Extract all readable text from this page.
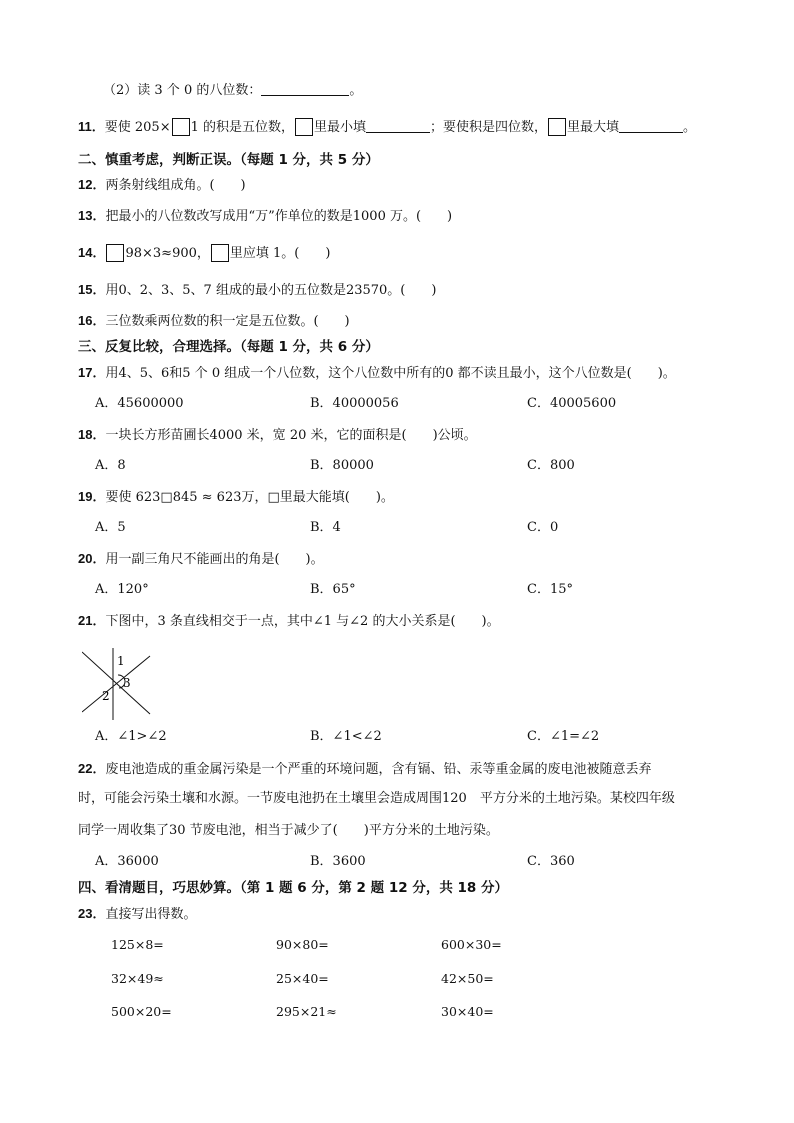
（2）读 3 个 0 的八位数：	。
11．要使 205× 1 的积是五位数， 里最小填	；要使积是四位数， 里最大填	。
二、慎重考虑，判断正误。（每题 1 分，共 5 分）
12．两条射线组成角。(　　)
13．把最小的八位数改写成用“万”作单位的数是1000 万。(　　)
14． 98×3≈900， 里应填 1。(　　)
15．用0、2、3、5、7 组成的最小的五位数是23570。(　　)
16．三位数乘两位数的积一定是五位数。(　　)
三、反复比较，合理选择。（每题 1 分，共 6 分）
17．用4、5、6和5 个 0 组成一个八位数，这个八位数中所有的0 都不读且最小，这个八位数是(　　)。
A．45600000	B．40000056	C．40005600
18．一块长方形苗圃长4000 米，宽 20 米，它的面积是(　　)公顷。
A．8	B．80000	C．800
19．要使 623□845 ≈ 623万，□里最大能填(　　)。
A．5	B．4	C．0
20．用一副三角尺不能画出的角是(　　)。
A．120°	B．65°	C．15°
21．下图中，3 条直线相交于一点，其中∠1 与∠2 的大小关系是(　　)。
1
3
2
A．∠1>∠2	B．∠1<∠2	C．∠1=∠2
22．废电池造成的重金属污染是一个严重的环境问题，含有镉、铅、汞等重金属的废电池被随意丢弃
时，可能会污染土壤和水源。一节废电池扔在土壤里会造成周围120　平方分米的土地污染。某校四年级
同学一周收集了30 节废电池，相当于减少了(　　)平方分米的土地污染。
A．36000	B．3600	C．360
四、看清题目，巧思妙算。（第 1 题 6 分，第 2 题 12 分，共 18 分）
23．直接写出得数。
125×8=	90×80=	600×30=
32×49≈	25×40=	42×50=
500×20=	295×21≈	30×40=
